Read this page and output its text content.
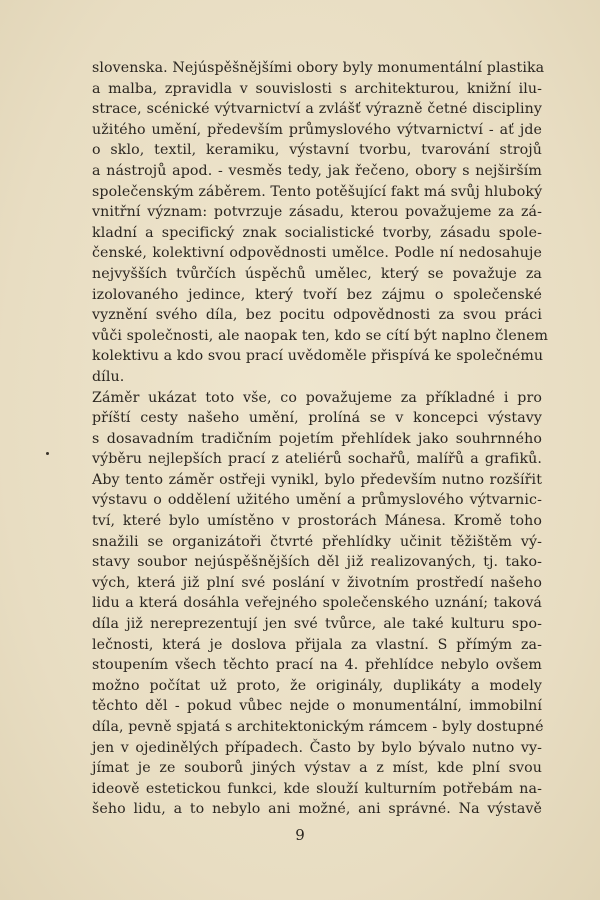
slovenska. Nejúspěšnějšími obory byly monumentální plastika
a malba, zpravidla v souvislosti s architekturou, knižní ilu-
strace, scénické výtvarnictví a zvlášť výrazně četné discipliny
užitého umění, především průmyslového výtvarnictví - ať jde
o sklo, textil, keramiku, výstavní tvorbu, tvarování strojů
a nástrojů apod. - vesměs tedy, jak řečeno, obory s nejširším
společenským záběrem. Tento potěšující fakt má svůj hluboký
vnitřní význam: potvrzuje zásadu, kterou považujeme za zá-
kladní a specifický znak socialistické tvorby, zásadu spole-
čenské, kolektivní odpovědnosti umělce. Podle ní nedosahuje
nejvyšších tvůrčích úspěchů umělec, který se považuje za
izolovaného jedince, který tvoří bez zájmu o společenské
vyznění svého díla, bez pocitu odpovědnosti za svou práci
vůči společnosti, ale naopak ten, kdo se cítí být naplno členem
kolektivu a kdo svou prací uvědoměle přispívá ke společnému
dílu.
Záměr ukázat toto vše, co považujeme za příkladné i pro
příští cesty našeho umění, prolíná se v koncepci výstavy
s dosavadním tradičním pojetím přehlídek jako souhrnného
výběru nejlepších prací z ateliérů sochařů, malířů a grafiků.
Aby tento záměr ostřeji vynikl, bylo především nutno rozšířit
výstavu o oddělení užitého umění a průmyslového výtvarnic-
tví, které bylo umístěno v prostorách Mánesa. Kromě toho
snažili se organizátoři čtvrté přehlídky učinit těžištěm vý-
stavy soubor nejúspěšnějších děl již realizovaných, tj. tako-
vých, která již plní své poslání v životním prostředí našeho
lidu a která dosáhla veřejného společenského uznání; taková
díla již nereprezentují jen své tvůrce, ale také kulturu spo-
lečnosti, která je doslova přijala za vlastní. S přímým za-
stoupením všech těchto prací na 4. přehlídce nebylo ovšem
možno počítat už proto, že originály, duplikáty a modely
těchto děl - pokud vůbec nejde o monumentální, immobilní
díla, pevně spjatá s architektonickým rámcem - byly dostupné
jen v ojedinělých případech. Často by bylo bývalo nutno vy-
jímat je ze souborů jiných výstav a z míst, kde plní svou
ideově estetickou funkci, kde slouží kulturním potřebám na-
šeho lidu, a to nebylo ani možné, ani správné. Na výstavě
9
